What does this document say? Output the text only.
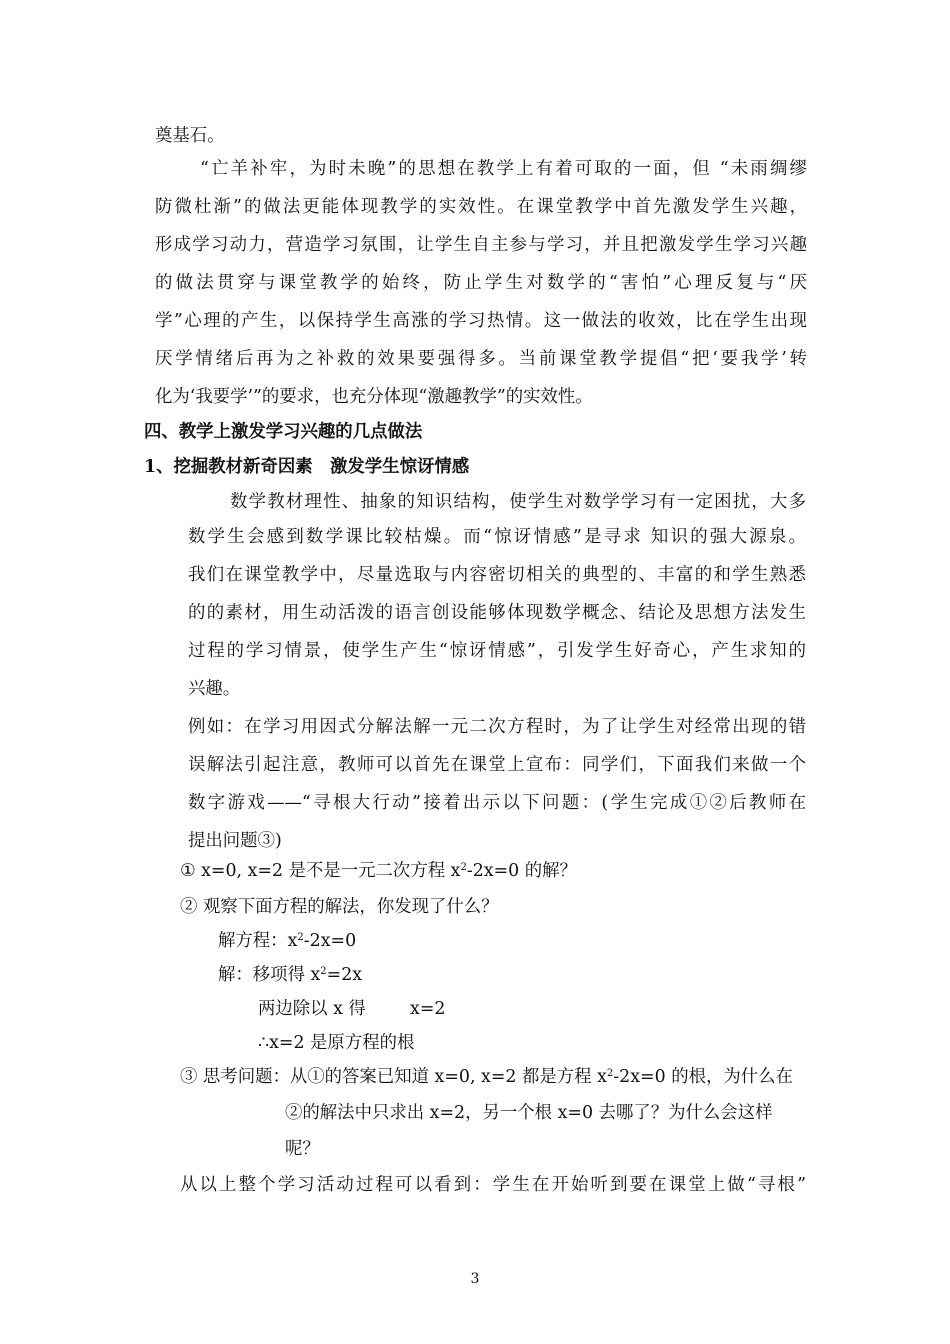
奠基石。
“亡羊补牢，为时未晚”的思想在教学上有着可取的一面，但 “未雨绸缪
防微杜渐”的做法更能体现教学的实效性。在课堂教学中首先激发学生兴趣，
形成学习动力，营造学习氛围，让学生自主参与学习，并且把激发学生学习兴趣
的做法贯穿与课堂教学的始终，防止学生对数学的“害怕”心理反复与“厌
学”心理的产生，以保持学生高涨的学习热情。这一做法的收效，比在学生出现
厌学情绪后再为之补救的效果要强得多。当前课堂教学提倡“把‘要我学’转
化为‘我要学’”的要求，也充分体现“激趣教学”的实效性。
四、教学上激发学习兴趣的几点做法
1、挖掘教材新奇因素　激发学生惊讶情感
数学教材理性、抽象的知识结构，使学生对数学学习有一定困扰，大多
数学生会感到数学课比较枯燥。而“惊讶情感”是寻求 知识的强大源泉。
我们在课堂教学中，尽量选取与内容密切相关的典型的、丰富的和学生熟悉
的的素材，用生动活泼的语言创设能够体现数学概念、结论及思想方法发生
过程的学习情景，使学生产生“惊讶情感”，引发学生好奇心，产生求知的
兴趣。
例如：在学习用因式分解法解一元二次方程时，为了让学生对经常出现的错
误解法引起注意，教师可以首先在课堂上宣布：同学们，下面我们来做一个
数字游戏——“寻根大行动”接着出示以下问题：(学生完成①②后教师在
提出问题③)
① x=0, x=2 是不是一元二次方程 $x^2-2x=0$ 的解？
② 观察下面方程的解法，你发现了什么？
解方程：$x^2-2x=0$
解：移项得 $x^2=2x$
两边除以 x 得        x=2
∴x=2 是原方程的根
③ 思考问题：从①的答案已知道 x=0, x=2 都是方程 $x^2-2x=0$ 的根，为什么在
②的解法中只求出 x=2，另一个根 x=0 去哪了？为什么会这样
呢？
从以上整个学习活动过程可以看到：学生在开始听到要在课堂上做“寻根”
3
